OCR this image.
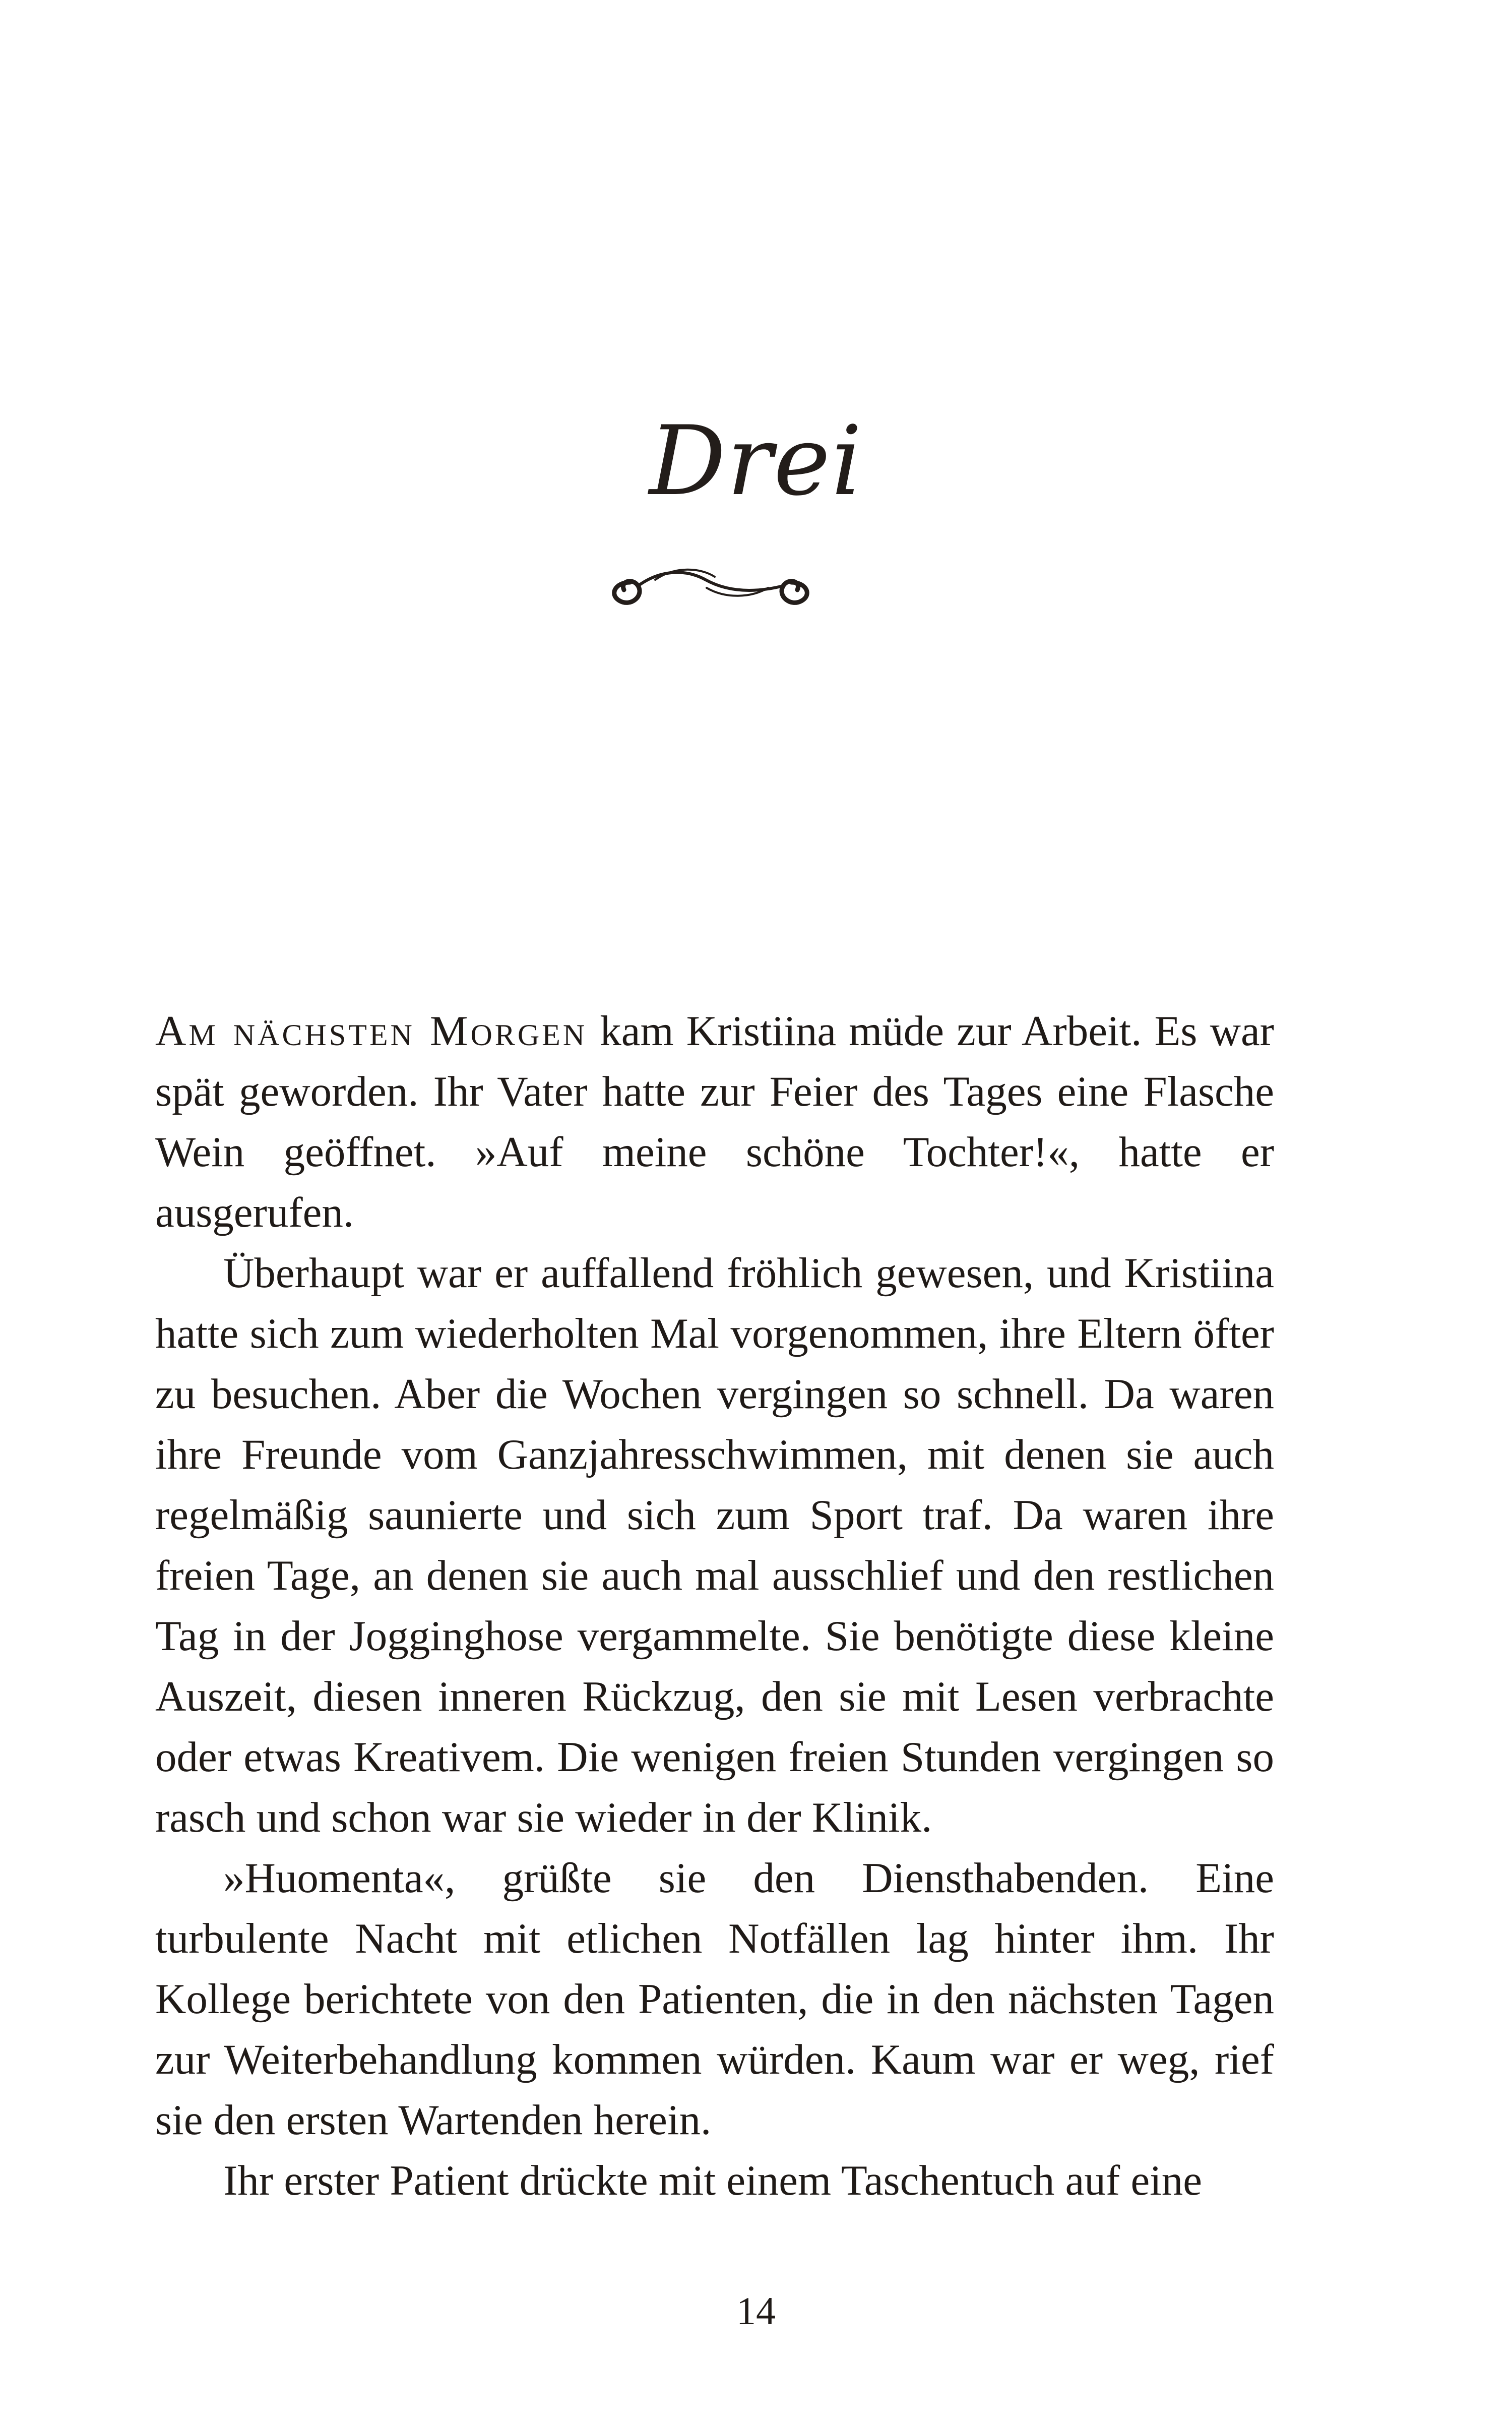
Drei

Am nächsten Morgen kam Kristiina müde zur Arbeit. Es war spät geworden. Ihr Vater hatte zur Feier des Tages eine Flasche Wein geöffnet. »Auf meine schöne Tochter!«, hatte er ausgerufen.

Überhaupt war er auffallend fröhlich gewesen, und Kristiina hatte sich zum wiederholten Mal vorgenommen, ihre Eltern öfter zu besuchen. Aber die Wochen vergingen so schnell. Da waren ihre Freunde vom Ganzjahresschwimmen, mit denen sie auch regelmäßig saunierte und sich zum Sport traf. Da waren ihre freien Tage, an denen sie auch mal ausschlief und den restlichen Tag in der Jogginghose vergammelte. Sie benötigte diese kleine Auszeit, diesen inneren Rückzug, den sie mit Lesen verbrachte oder etwas Kreativem. Die wenigen freien Stunden vergingen so rasch und schon war sie wieder in der Klinik.

»Huomenta«, grüßte sie den Diensthabenden. Eine turbulente Nacht mit etlichen Notfällen lag hinter ihm. Ihr Kollege berichtete von den Patienten, die in den nächsten Tagen zur Weiterbehandlung kommen würden. Kaum war er weg, rief sie den ersten Wartenden herein.

Ihr erster Patient drückte mit einem Taschentuch auf eine

14
